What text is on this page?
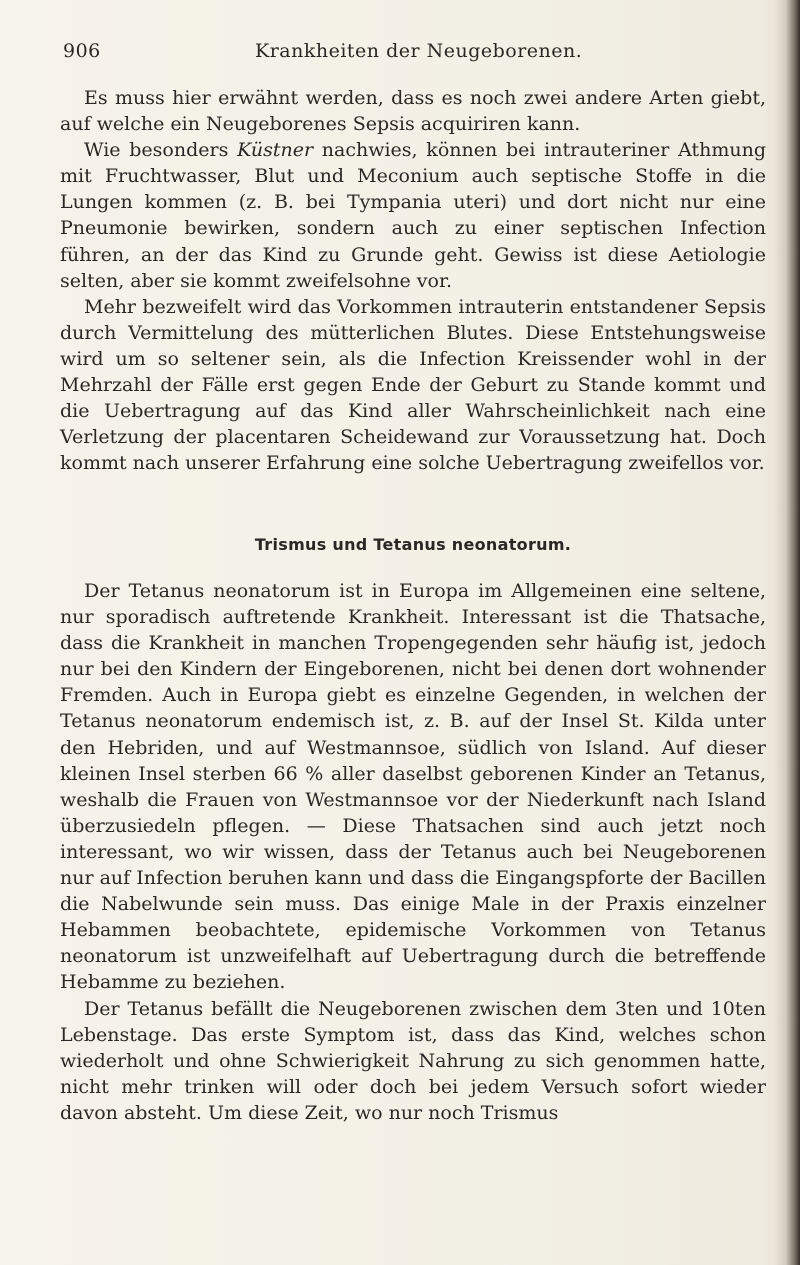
906	Krankheiten der Neugeborenen.

Es muss hier erwähnt werden, dass es noch zwei andere Arten giebt, auf welche ein Neugeborenes Sepsis acquiriren kann.

Wie besonders Küstner nachwies, können bei intrauteriner Athmung mit Fruchtwasser, Blut und Meconium auch septische Stoffe in die Lungen kommen (z. B. bei Tympania uteri) und dort nicht nur eine Pneumonie bewirken, sondern auch zu einer septischen Infection führen, an der das Kind zu Grunde geht. Gewiss ist diese Aetiologie selten, aber sie kommt zweifelsohne vor.

Mehr bezweifelt wird das Vorkommen intrauterin entstandener Sepsis durch Vermittelung des mütterlichen Blutes. Diese Entstehungsweise wird um so seltener sein, als die Infection Kreissender wohl in der Mehrzahl der Fälle erst gegen Ende der Geburt zu Stande kommt und die Uebertragung auf das Kind aller Wahrscheinlichkeit nach eine Verletzung der placentaren Scheidewand zur Voraussetzung hat. Doch kommt nach unserer Erfahrung eine solche Uebertragung zweifellos vor.

Trismus und Tetanus neonatorum.

Der Tetanus neonatorum ist in Europa im Allgemeinen eine seltene, nur sporadisch auftretende Krankheit. Interessant ist die Thatsache, dass die Krankheit in manchen Tropengegenden sehr häufig ist, jedoch nur bei den Kindern der Eingeborenen, nicht bei denen dort wohnender Fremden. Auch in Europa giebt es einzelne Gegenden, in welchen der Tetanus neonatorum endemisch ist, z. B. auf der Insel St. Kilda unter den Hebriden, und auf Westmannsoe, südlich von Island. Auf dieser kleinen Insel sterben 66 % aller daselbst geborenen Kinder an Tetanus, weshalb die Frauen von Westmannsoe vor der Niederkunft nach Island überzusiedeln pflegen. — Diese Thatsachen sind auch jetzt noch interessant, wo wir wissen, dass der Tetanus auch bei Neugeborenen nur auf Infection beruhen kann und dass die Eingangspforte der Bacillen die Nabelwunde sein muss. Das einige Male in der Praxis einzelner Hebammen beobachtete, epidemische Vorkommen von Tetanus neonatorum ist unzweifelhaft auf Uebertragung durch die betreffende Hebamme zu beziehen.

Der Tetanus befällt die Neugeborenen zwischen dem 3ten und 10ten Lebenstage. Das erste Symptom ist, dass das Kind, welches schon wiederholt und ohne Schwierigkeit Nahrung zu sich genommen hatte, nicht mehr trinken will oder doch bei jedem Versuch sofort wieder davon absteht. Um diese Zeit, wo nur noch Trismus
